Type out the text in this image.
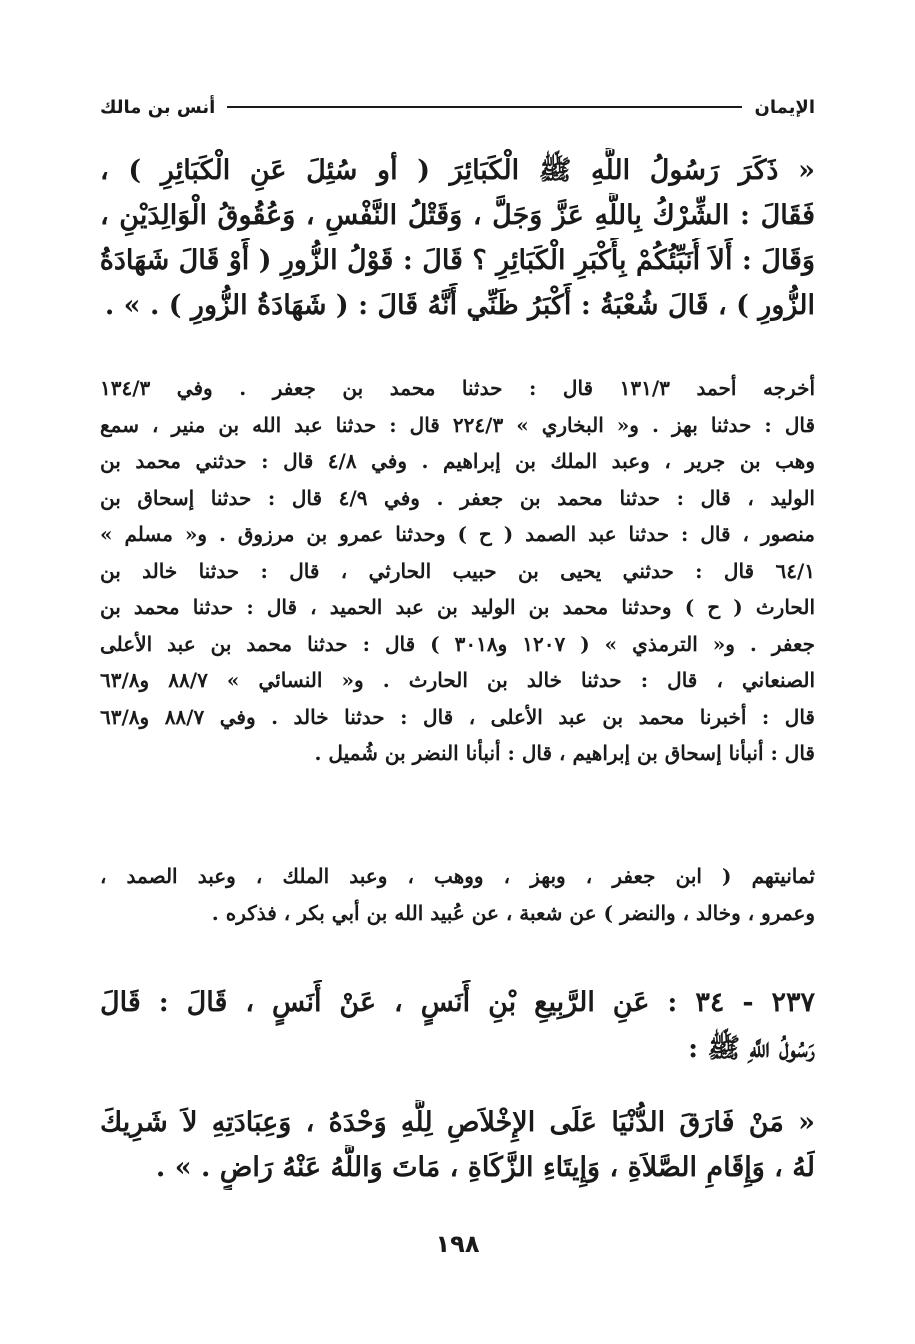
الإيمان
أنس بن مالك
« ذَكَرَ رَسُولُ اللَّهِ ﷺ الْكَبَائِرَ ( أو سُئِلَ عَنِ الْكَبَائِرِ ) ،
فَقَالَ : الشِّرْكُ بِاللَّهِ عَزَّ وَجَلَّ ، وَقَتْلُ النَّفْسِ ، وَعُقُوقُ الْوَالِدَيْنِ ،
وَقَالَ : أَلاَ أُنَبِّئُكُمْ بِأَكْبَرِ الْكَبَائِرِ ؟ قَالَ : قَوْلُ الزُّورِ ( أَوْ قَالَ شَهَادَةُ
الزُّورِ ) ، قَالَ شُعْبَةُ : أَكْبَرُ ظَنِّي أَنَّهُ قَالَ : ( شَهَادَةُ الزُّورِ ) . » .
أخرجه أحمد ١٣١/٣ قال : حدثنا محمد بن جعفر . وفي ١٣٤/٣
قال : حدثنا بهز . و« البخاري » ٢٢٤/٣ قال : حدثنا عبد الله بن منير ، سمع
وهب بن جرير ، وعبد الملك بن إبراهيم . وفي ٤/٨ قال : حدثني محمد بن
الوليد ، قال : حدثنا محمد بن جعفر . وفي ٤/٩ قال : حدثنا إسحاق بن
منصور ، قال : حدثنا عبد الصمد ( ح ) وحدثنا عمرو بن مرزوق . و« مسلم »
٦٤/١ قال : حدثني يحيى بن حبيب الحارثي ، قال : حدثنا خالد بن
الحارث ( ح ) وحدثنا محمد بن الوليد بن عبد الحميد ، قال : حدثنا محمد بن
جعفر . و« الترمذي » ( ١٢٠٧ و٣٠١٨ ) قال : حدثنا محمد بن عبد الأعلى
الصنعاني ، قال : حدثنا خالد بن الحارث . و« النسائي » ٨٨/٧ و٦٣/٨
قال : أخبرنا محمد بن عبد الأعلى ، قال : حدثنا خالد . وفي ٨٨/٧ و٦٣/٨
قال : أنبأنا إسحاق بن إبراهيم ، قال : أنبأنا النضر بن شُميل .
ثمانيتهم ( ابن جعفر ، وبهز ، ووهب ، وعبد الملك ، وعبد الصمد ،
وعمرو ، وخالد ، والنضر ) عن شعبة ، عن عُبيد الله بن أبي بكر ، فذكره .
٢٣٧ - ٣٤ : عَنِ الرَّبِيعِ بْنِ أَنَسٍ ، عَنْ أَنَسٍ ، قَالَ : قَالَ
رَسُولُ اللَّهِ ﷺ :
« مَنْ فَارَقَ الدُّنْيَا عَلَى الإِخْلاَصِ لِلَّهِ وَحْدَهُ ، وَعِبَادَتِهِ لاَ شَرِيكَ
لَهُ ، وَإِقَامِ الصَّلاَةِ ، وَإِيتَاءِ الزَّكَاةِ ، مَاتَ وَاللَّهُ عَنْهُ رَاضٍ . » .
١٩٨
